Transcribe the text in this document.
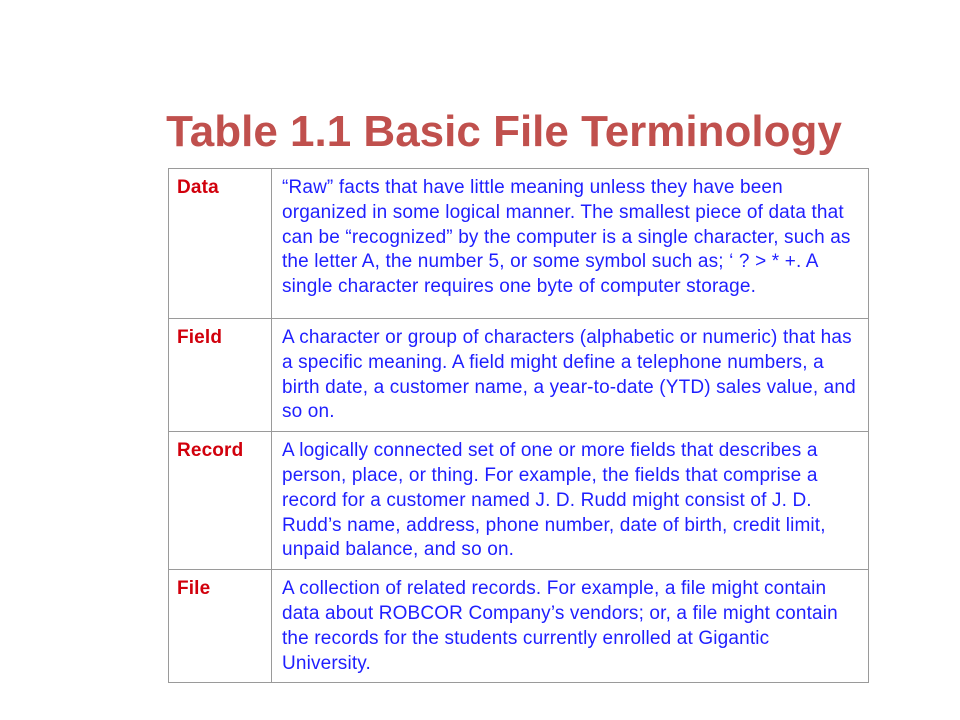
Table 1.1 Basic File Terminology
Data	“Raw” facts that have little meaning unless they have been organized in some logical manner. The smallest piece of data that can be “recognized” by the computer is a single character, such as the letter A, the number 5, or some symbol such as; ‘ ? > * +. A single character requires one byte of computer storage.
Field	A character or group of characters (alphabetic or numeric) that has a specific meaning. A field might define a telephone numbers, a birth date, a customer name, a year-to-date (YTD) sales value, and so on.
Record	A logically connected set of one or more fields that describes a person, place, or thing. For example, the fields that comprise a record for a customer named J. D. Rudd might consist of J. D. Rudd’s name, address, phone number, date of birth, credit limit, unpaid balance, and so on.
File	A collection of related records. For example, a file might contain data about ROBCOR Company’s vendors; or, a file might contain the records for the students currently enrolled at Gigantic University.
